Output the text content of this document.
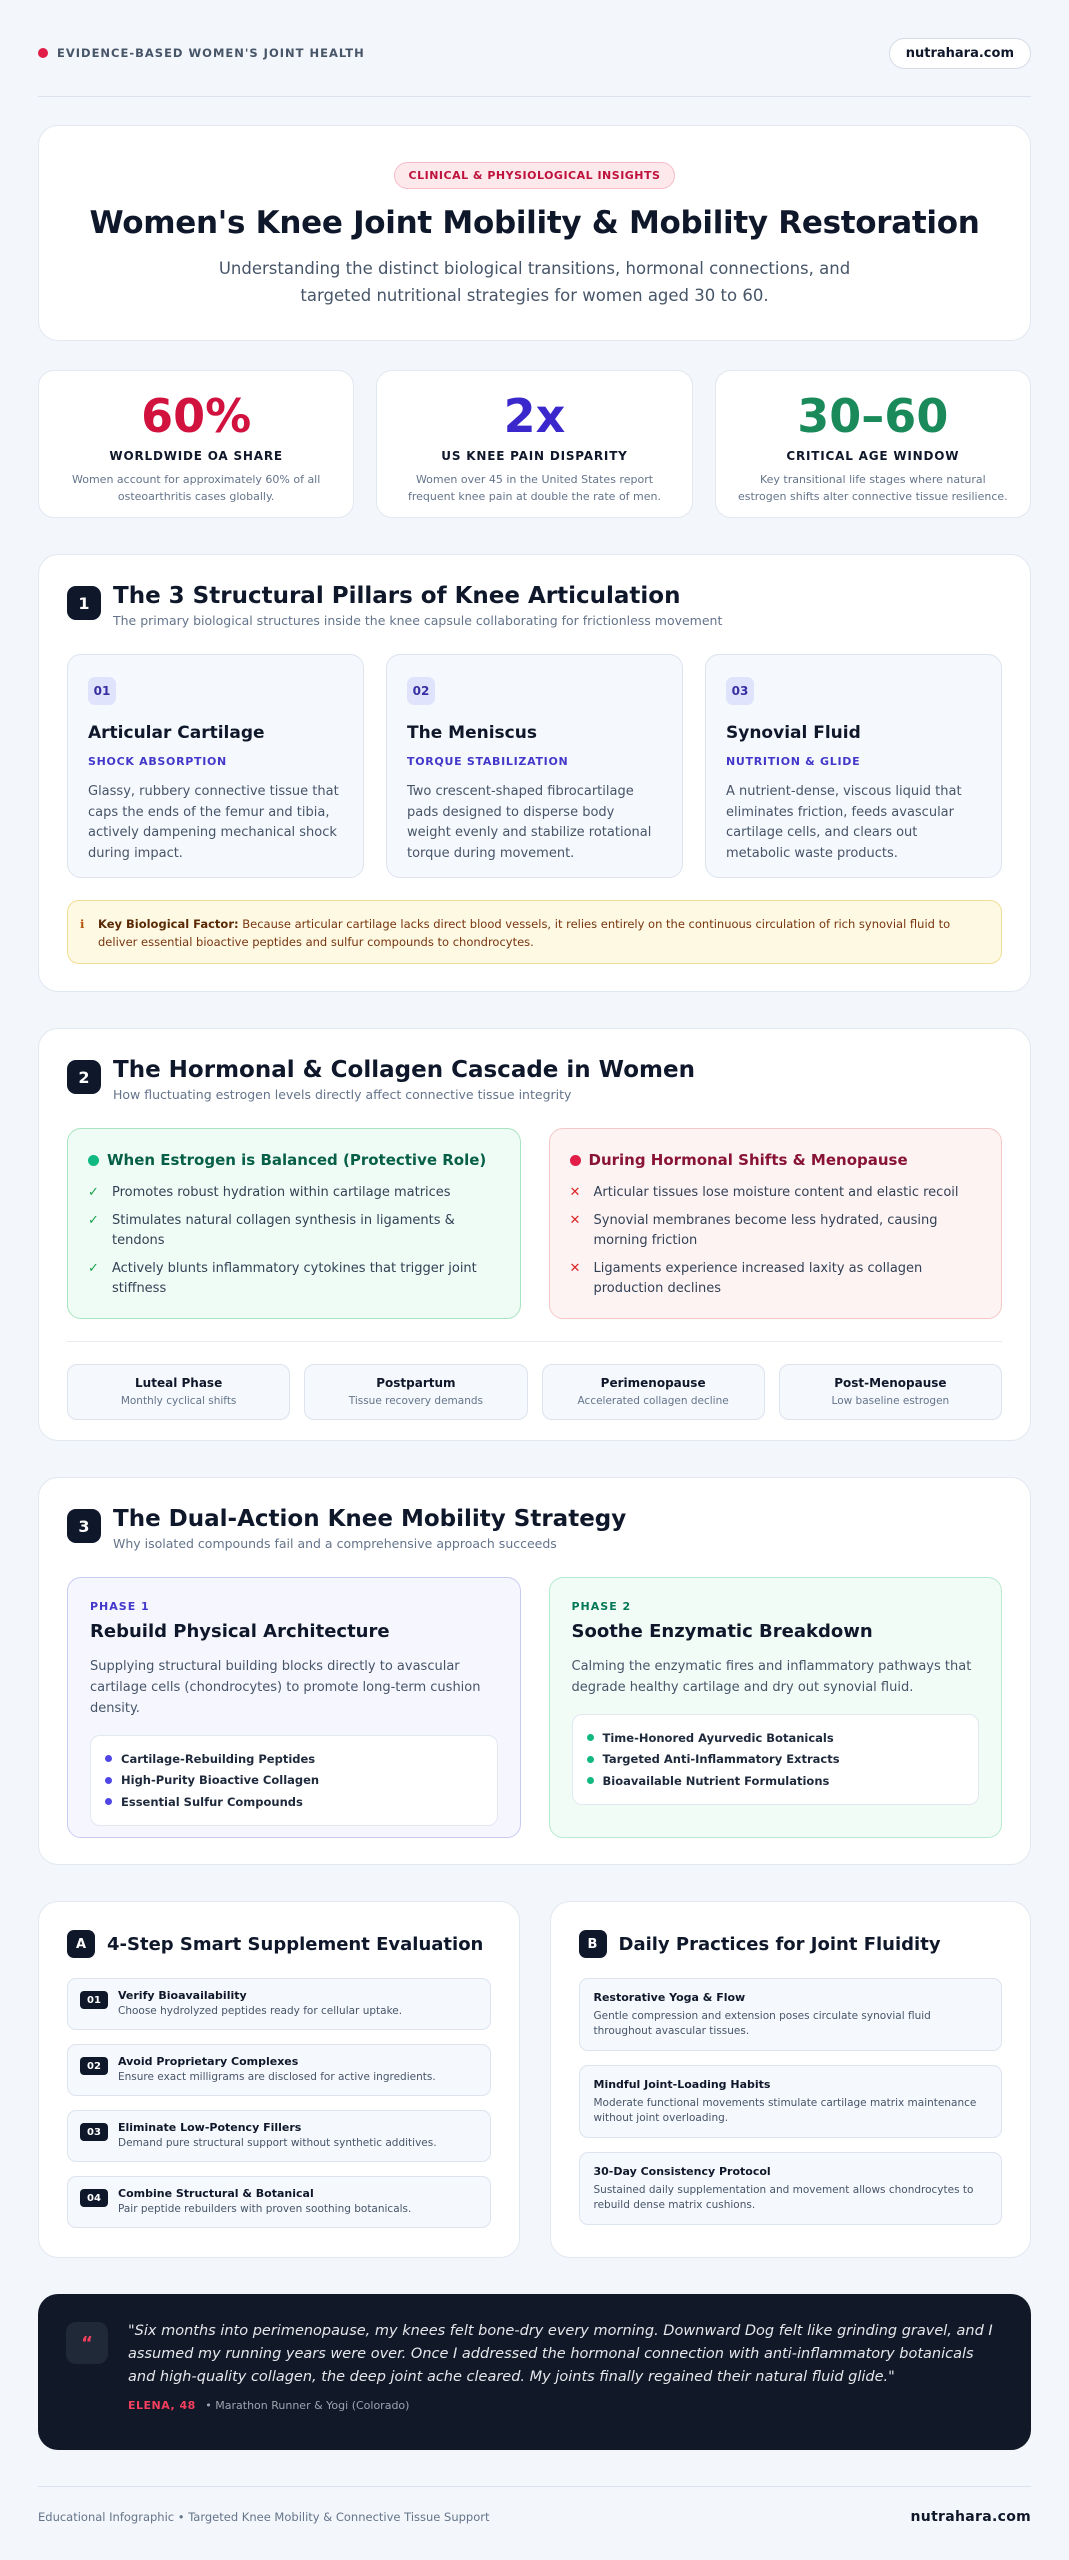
EVIDENCE-BASED WOMEN'S JOINT HEALTH	nutrahara.com
CLINICAL & PHYSIOLOGICAL INSIGHTS
Women's Knee Joint Mobility & Mobility Restoration

Understanding the distinct biological transitions, hormonal connections, and targeted nutritional strategies for women aged 30 to 60.

60%
WORLDWIDE OA SHARE
Women account for approximately 60% of all osteoarthritis cases globally.
2x
US KNEE PAIN DISPARITY
Women over 45 in the United States report frequent knee pain at double the rate of men.
30–60
CRITICAL AGE WINDOW
Key transitional life stages where natural estrogen shifts alter connective tissue resilience.
1	The 3 Structural Pillars of Knee Articulation

The primary biological structures inside the knee capsule collaborating for frictionless movement

01
Articular Cartilage
SHOCK ABSORPTION

Glassy, rubbery connective tissue that caps the ends of the femur and tibia, actively dampening mechanical shock during impact.

02
The Meniscus
TORQUE STABILIZATION

Two crescent-shaped fibrocartilage pads designed to disperse body weight evenly and stabilize rotational torque during movement.

03
Synovial Fluid
NUTRITION & GLIDE

A nutrient-dense, viscous liquid that eliminates friction, feeds avascular cartilage cells, and clears out metabolic waste products.

ℹ Key Biological Factor: Because articular cartilage lacks direct blood vessels, it relies entirely on the continuous circulation of rich synovial fluid to deliver essential bioactive peptides and sulfur compounds to chondrocytes.
2	The Hormonal & Collagen Cascade in Women

How fluctuating estrogen levels directly affect connective tissue integrity

When Estrogen is Balanced (Protective Role)
✓ Promotes robust hydration within cartilage matrices
✓ Stimulates natural collagen synthesis in ligaments & tendons
✓ Actively blunts inflammatory cytokines that trigger joint stiffness
During Hormonal Shifts & Menopause
✕ Articular tissues lose moisture content and elastic recoil
✕ Synovial membranes become less hydrated, causing morning friction
✕ Ligaments experience increased laxity as collagen production declines
Luteal Phase
Monthly cyclical shifts
Postpartum
Tissue recovery demands
Perimenopause
Accelerated collagen decline
Post-Menopause
Low baseline estrogen
3	The Dual-Action Knee Mobility Strategy

Why isolated compounds fail and a comprehensive approach succeeds

PHASE 1
Rebuild Physical Architecture

Supplying structural building blocks directly to avascular cartilage cells (chondrocytes) to promote long-term cushion density.

Cartilage-Rebuilding Peptides
High-Purity Bioactive Collagen
Essential Sulfur Compounds
PHASE 2
Soothe Enzymatic Breakdown

Calming the enzymatic fires and inflammatory pathways that degrade healthy cartilage and dry out synovial fluid.

Time-Honored Ayurvedic Botanicals
Targeted Anti-Inflammatory Extracts
Bioavailable Nutrient Formulations
A	4-Step Smart Supplement Evaluation
01	Verify Bioavailability
Choose hydrolyzed peptides ready for cellular uptake.
02	Avoid Proprietary Complexes
Ensure exact milligrams are disclosed for active ingredients.
03	Eliminate Low-Potency Fillers
Demand pure structural support without synthetic additives.
04	Combine Structural & Botanical
Pair peptide rebuilders with proven soothing botanicals.
B	Daily Practices for Joint Fluidity
Restorative Yoga & Flow
Gentle compression and extension poses circulate synovial fluid throughout avascular tissues.
Mindful Joint-Loading Habits
Moderate functional movements stimulate cartilage matrix maintenance without joint overloading.
30-Day Consistency Protocol
Sustained daily supplementation and movement allows chondrocytes to rebuild dense matrix cushions.
“

"Six months into perimenopause, my knees felt bone-dry every morning. Downward Dog felt like grinding gravel, and I assumed my running years were over. Once I addressed the hormonal connection with anti-inflammatory botanicals and high-quality collagen, the deep joint ache cleared. My joints finally regained their natural fluid glide."

ELENA, 48 • Marathon Runner & Yogi (Colorado)
Educational Infographic • Targeted Knee Mobility & Connective Tissue Support	nutrahara.com
